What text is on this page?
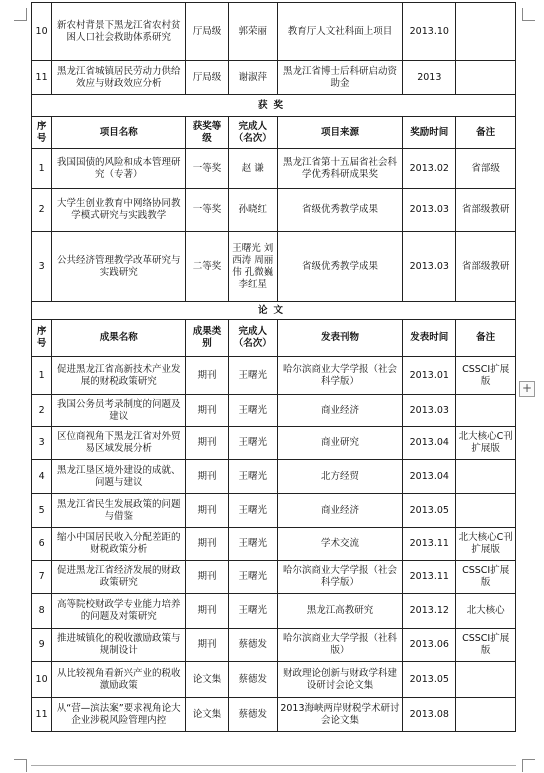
10	新农村背景下黑龙江省农村贫困人口社会救助体系研究	厅局级	郭荣丽	教育厅人文社科面上项目	2013.10	
11	黑龙江省城镇居民劳动力供给效应与财政效应分析	厅局级	谢淑萍	黑龙江省博士后科研启动资助金	2013	
获奖						
序号	项目名称	获奖等级	完成人（名次）	项目来源	奖励时间	备注
1	我国国债的风险和成本管理研究（专著）	一等奖	赵 谦	黑龙江省第十五届省社会科学优秀科研成果奖	2013.02	省部级
2	大学生创业教育中网络协同教学模式研究与实践教学	一等奖	孙晓红	省级优秀教学成果	2013.03	省部级教研
3	公共经济管理教学改革研究与实践研究	二等奖	王曙光 刘西涛 周丽伟 孔微巍 李红星	省级优秀教学成果	2013.03	省部级教研
论文						
序号	成果名称	成果类别	完成人（名次）	发表刊物	发表时间	备注
1	促进黑龙江省高新技术产业发展的财税政策研究	期刊	王曙光	哈尔滨商业大学学报（社会科学版）	2013.01	CSSCI扩展版
2	我国公务员考录制度的问题及建议	期刊	王曙光	商业经济	2013.03	
3	区位商视角下黑龙江省对外贸易区域发展分析	期刊	王曙光	商业研究	2013.04	北大核心C刊扩展版
4	黑龙江垦区境外建设的成就、问题与建议	期刊	王曙光	北方经贸	2013.04	
5	黑龙江省民生发展政策的问题与借鉴	期刊	王曙光	商业经济	2013.05	
6	缩小中国居民收入分配差距的财税政策分析	期刊	王曙光	学术交流	2013.11	北大核心C刊扩展版
7	促进黑龙江省经济发展的财政政策研究	期刊	王曙光	哈尔滨商业大学学报（社会科学版）	2013.11	CSSCI扩展版
8	高等院校财政学专业能力培养的问题及对策研究	期刊	王曙光	黑龙江高教研究	2013.12	北大核心
9	推进城镇化的税收激励政策与规制设计	期刊	蔡德发	哈尔滨商业大学学报（社科版）	2013.06	CSSCI扩展版
10	从比较视角看新兴产业的税收激励政策	论文集	蔡德发	财政理论创新与财政学科建设研讨会论文集	2013.05	
11	从“营—滨法案”要求视角论大企业涉税风险管理内控	论文集	蔡德发	2013海峡两岸财税学术研讨会论文集	2013.08	
+
